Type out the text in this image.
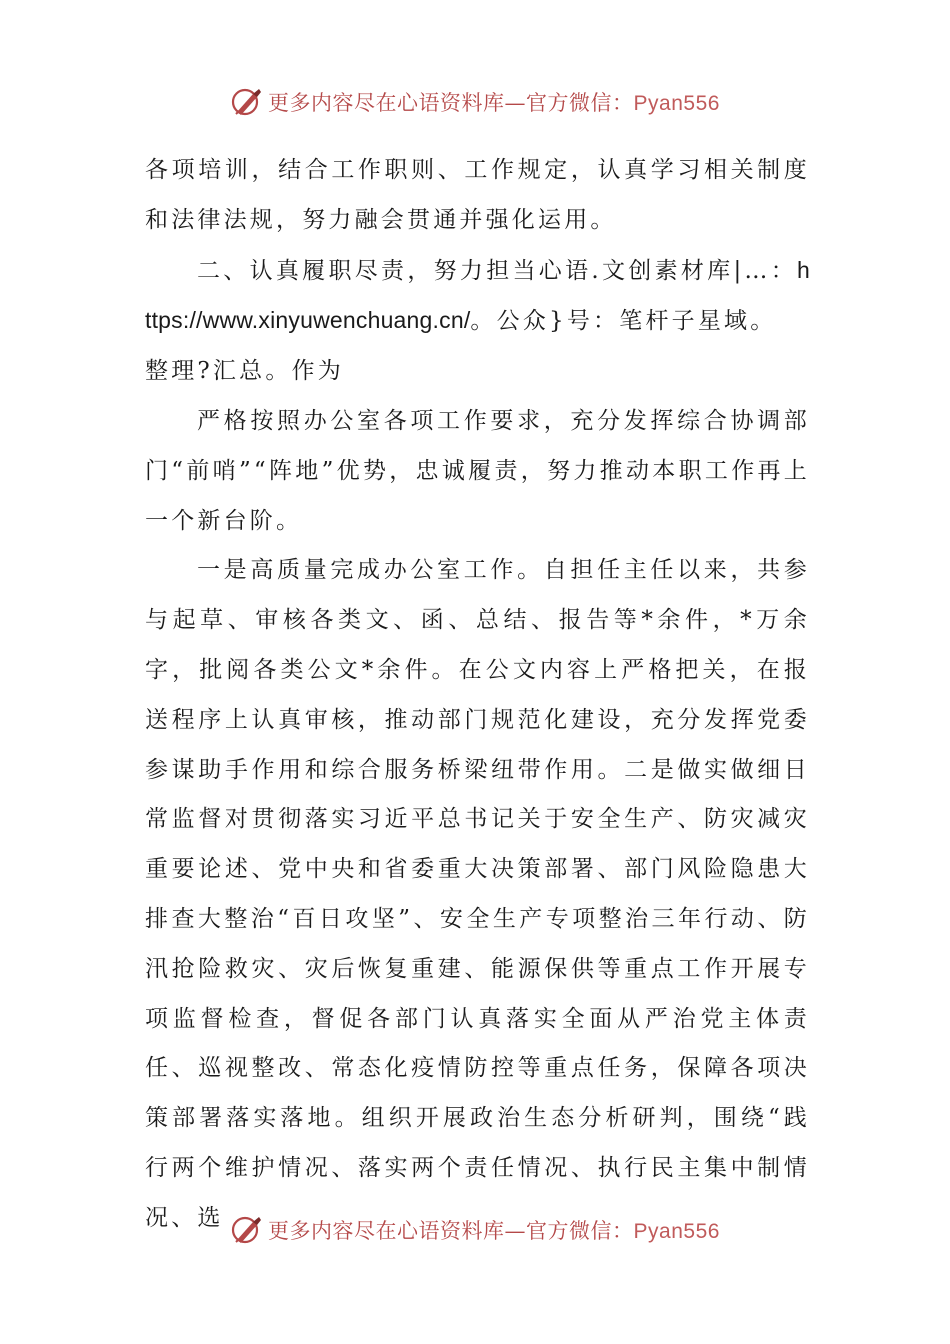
更多内容尽在心语资料库—官方微信：Pyan556

各项培训，结合工作职则、工作规定，认真学习相关制度和法律法规，努力融会贯通并强化运用。

二、认真履职尽责，努力担当心语.文创素材库|…：https://www.xinyuwenchuang.cn/。公众}号：笔杆子星域。
整理?汇总。作为

严格按照办公室各项工作要求，充分发挥综合协调部门“前哨”“阵地”优势，忠诚履责，努力推动本职工作再上一个新台阶。

一是高质量完成办公室工作。自担任主任以来，共参与起草、审核各类文、函、总结、报告等*余件，*万余字，批阅各类公文*余件。在公文内容上严格把关，在报送程序上认真审核，推动部门规范化建设，充分发挥党委参谋助手作用和综合服务桥梁纽带作用。二是做实做细日常监督对贯彻落实习近平总书记关于安全生产、防灾减灾重要论述、党中央和省委重大决策部署、部门风险隐患大排查大整治“百日攻坚”、安全生产专项整治三年行动、防汛抢险救灾、灾后恢复重建、能源保供等重点工作开展专项监督检查，督促各部门认真落实全面从严治党主体责任、巡视整改、常态化疫情防控等重点任务，保障各项决策部署落实落地。组织开展政治生态分析研判，围绕“践行两个维护情况、落实两个责任情况、执行民主集中制情况、选

更多内容尽在心语资料库—官方微信：Pyan556
